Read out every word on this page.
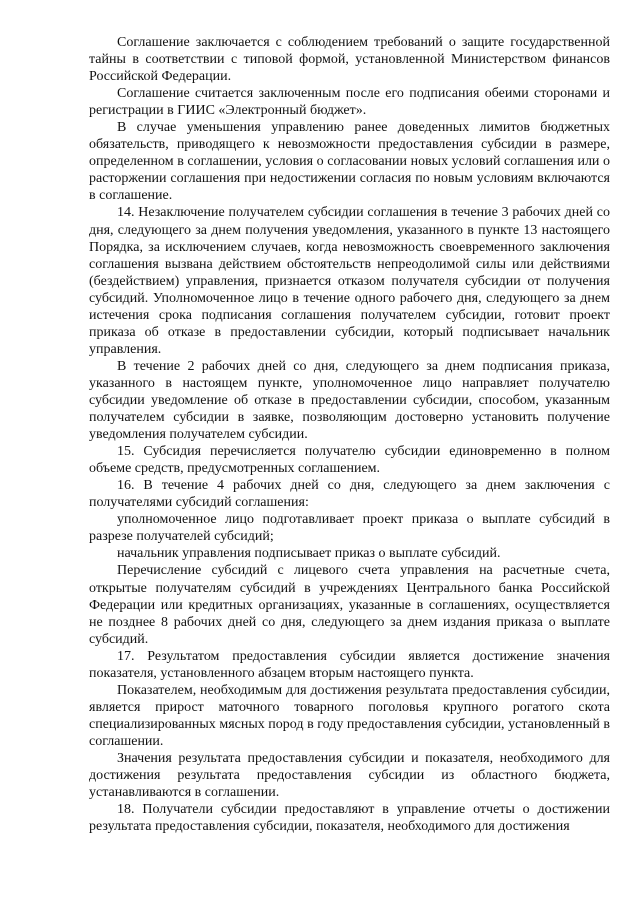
Соглашение заключается с соблюдением требований о защите государственной тайны в соответствии с типовой формой, установленной Министерством финансов Российской Федерации.

Соглашение считается заключенным после его подписания обеими сторонами и регистрации в ГИИС «Электронный бюджет».

В случае уменьшения управлению ранее доведенных лимитов бюджетных обязательств, приводящего к невозможности предоставления субсидии в размере, определенном в соглашении, условия о согласовании новых условий соглашения или о расторжении соглашения при недостижении согласия по новым условиям включаются в соглашение.

14. Незаключение получателем субсидии соглашения в течение 3 рабочих дней со дня, следующего за днем получения уведомления, указанного в пункте 13 настоящего Порядка, за исключением случаев, когда невозможность своевременного заключения соглашения вызвана действием обстоятельств непреодолимой силы или действиями (бездействием) управления, признается отказом получателя субсидии от получения субсидий. Уполномоченное лицо в течение одного рабочего дня, следующего за днем истечения срока подписания соглашения получателем субсидии, готовит проект приказа об отказе в предоставлении субсидии, который подписывает начальник управления.

В течение 2 рабочих дней со дня, следующего за днем подписания приказа, указанного в настоящем пункте, уполномоченное лицо направляет получателю субсидии уведомление об отказе в предоставлении субсидии, способом, указанным получателем субсидии в заявке, позволяющим достоверно установить получение уведомления получателем субсидии.

15. Субсидия перечисляется получателю субсидии единовременно в полном объеме средств, предусмотренных соглашением.

16. В течение 4 рабочих дней со дня, следующего за днем заключения с получателями субсидий соглашения:

уполномоченное лицо подготавливает проект приказа о выплате субсидий в разрезе получателей субсидий;

начальник управления подписывает приказ о выплате субсидий.

Перечисление субсидий с лицевого счета управления на расчетные счета, открытые получателям субсидий в учреждениях Центрального банка Российской Федерации или кредитных организациях, указанные в соглашениях, осуществляется не позднее 8 рабочих дней со дня, следующего за днем издания приказа о выплате субсидий.

17. Результатом предоставления субсидии является достижение значения показателя, установленного абзацем вторым настоящего пункта.

Показателем, необходимым для достижения результата предоставления субсидии, является прирост маточного товарного поголовья крупного рогатого скота специализированных мясных пород в году предоставления субсидии, установленный в соглашении.

Значения результата предоставления субсидии и показателя, необходимого для достижения результата предоставления субсидии из областного бюджета, устанавливаются в соглашении.

18. Получатели субсидии предоставляют в управление отчеты о достижении результата предоставления субсидии, показателя, необходимого для достижения
